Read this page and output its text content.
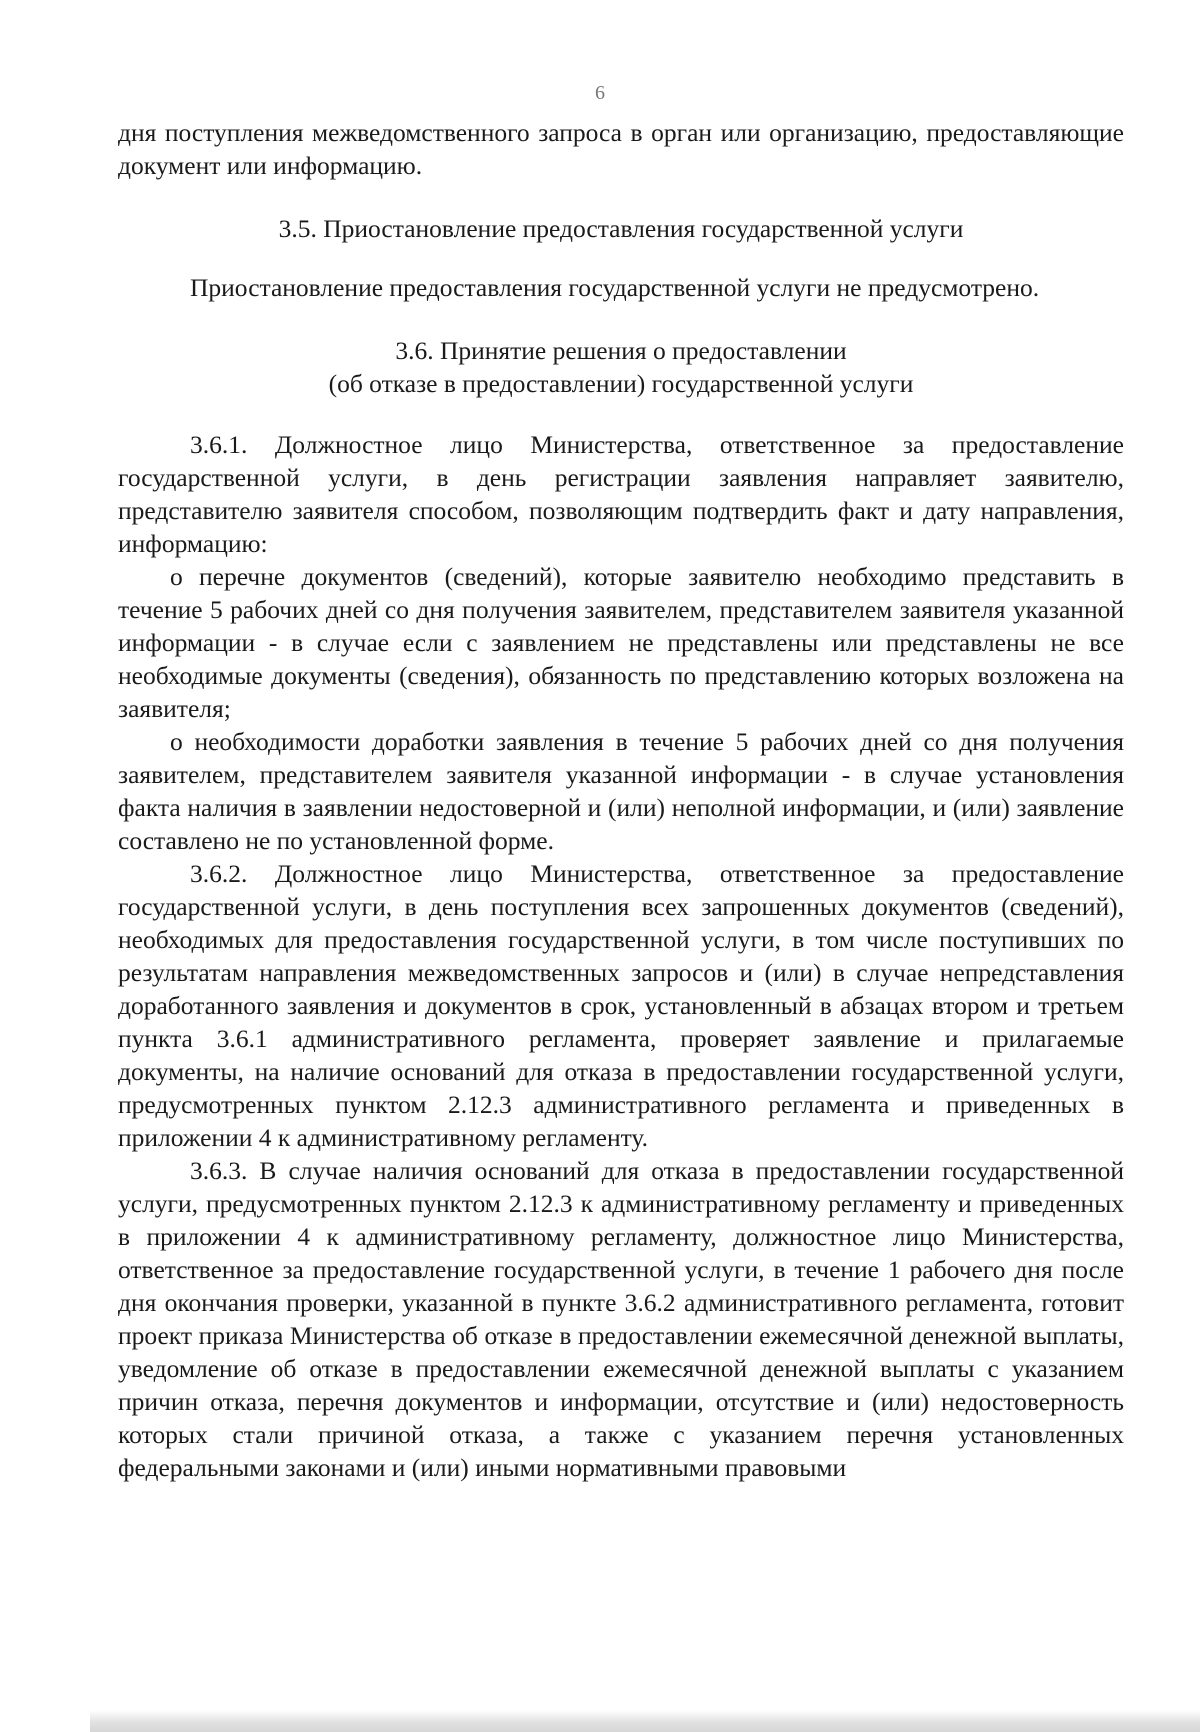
6

дня поступления межведомственного запроса в орган или организацию, предоставляющие документ или информацию.

3.5. Приостановление предоставления государственной услуги

Приостановление предоставления государственной услуги не предусмотрено.

3.6. Принятие решения о предоставлении

(об отказе в предоставлении) государственной услуги

3.6.1. Должностное лицо Министерства, ответственное за предоставление государственной услуги, в день регистрации заявления направляет заявителю, представителю заявителя способом, позволяющим подтвердить факт и дату направления, информацию:

о перечне документов (сведений), которые заявителю необходимо представить в течение 5 рабочих дней со дня получения заявителем, представителем заявителя указанной информации - в случае если с заявлением не представлены или представлены не все необходимые документы (сведения), обязанность по представлению которых возложена на заявителя;

о необходимости доработки заявления в течение 5 рабочих дней со дня получения заявителем, представителем заявителя указанной информации - в случае установления факта наличия в заявлении недостоверной и (или) неполной информации, и (или) заявление составлено не по установленной форме.

3.6.2. Должностное лицо Министерства, ответственное за предоставление государственной услуги, в день поступления всех запрошенных документов (сведений), необходимых для предоставления государственной услуги, в том числе поступивших по результатам направления межведомственных запросов и (или) в случае непредставления доработанного заявления и документов в срок, установленный в абзацах втором и третьем пункта 3.6.1 административного регламента, проверяет заявление и прилагаемые документы, на наличие оснований для отказа в предоставлении государственной услуги, предусмотренных пунктом 2.12.3 административного регламента и приведенных в приложении 4 к административному регламенту.

3.6.3. В случае наличия оснований для отказа в предоставлении государственной услуги, предусмотренных пунктом 2.12.3 к административному регламенту и приведенных в приложении 4 к административному регламенту, должностное лицо Министерства, ответственное за предоставление государственной услуги, в течение 1 рабочего дня после дня окончания проверки, указанной в пункте 3.6.2 административного регламента, готовит проект приказа Министерства об отказе в предоставлении ежемесячной денежной выплаты, уведомление об отказе в предоставлении ежемесячной денежной выплаты с указанием причин отказа, перечня документов и информации, отсутствие и (или) недостоверность которых стали причиной отказа, а также с указанием перечня установленных федеральными законами и (или) иными нормативными правовыми
